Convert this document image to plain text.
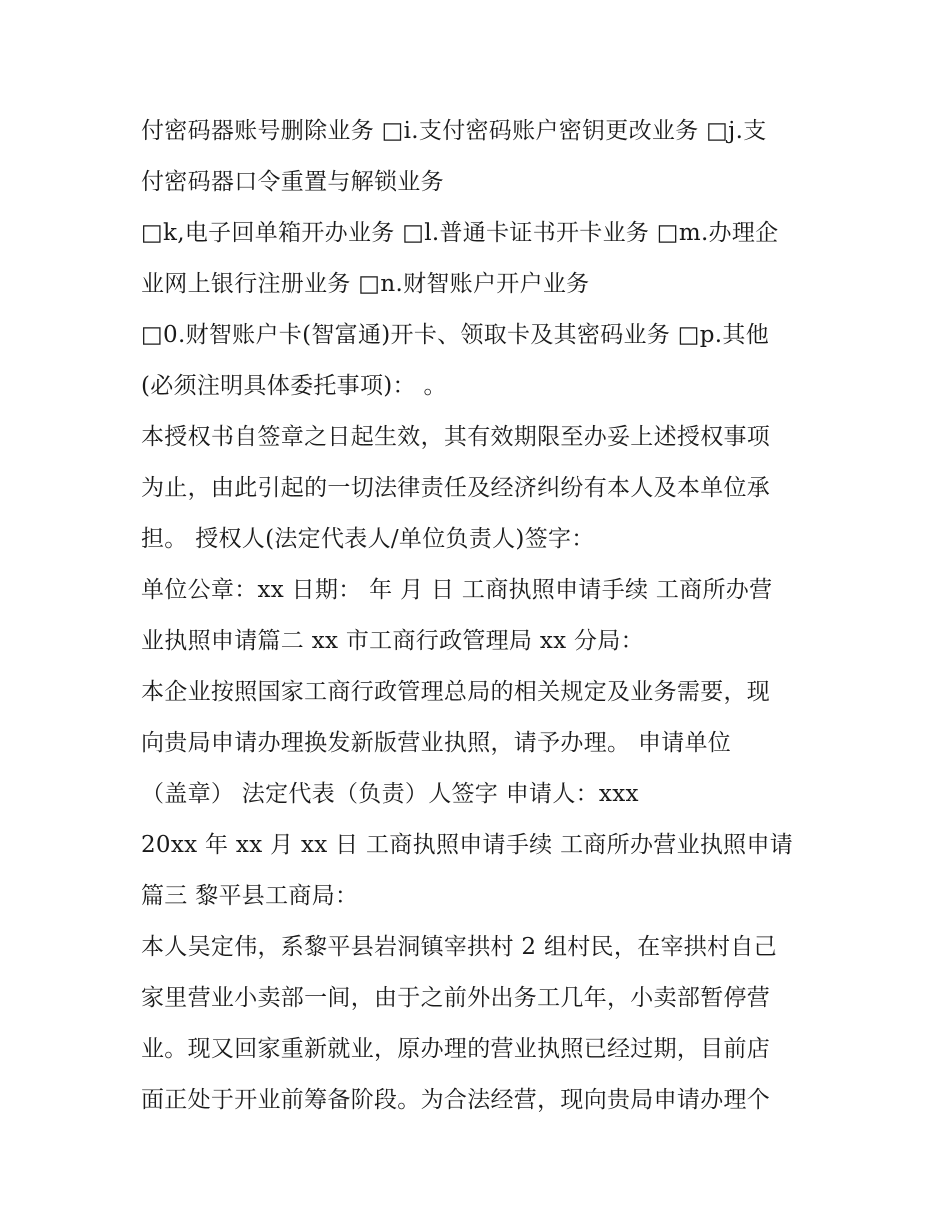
付密码器账号删除业务 □i.支付密码账户密钥更改业务 □j.支
付密码器口令重置与解锁业务
□k,电子回单箱开办业务 □l.普通卡证书开卡业务 □m.办理企
业网上银行注册业务 □n.财智账户开户业务
□0.财智账户卡(智富通)开卡、领取卡及其密码业务 □p.其他
(必须注明具体委托事项)： 。
本授权书自签章之日起生效，其有效期限至办妥上述授权事项
为止，由此引起的一切法律责任及经济纠纷有本人及本单位承
担。 授权人(法定代表人/单位负责人)签字：
单位公章：xx 日期： 年 月 日 工商执照申请手续 工商所办营
业执照申请篇二 xx 市工商行政管理局 xx 分局：
本企业按照国家工商行政管理总局的相关规定及业务需要，现
向贵局申请办理换发新版营业执照，请予办理。 申请单位
（盖章） 法定代表（负责）人签字 申请人：xxx
20xx 年 xx 月 xx 日 工商执照申请手续 工商所办营业执照申请
篇三 黎平县工商局：
本人吴定伟，系黎平县岩洞镇宰拱村 2 组村民，在宰拱村自己
家里营业小卖部一间，由于之前外出务工几年，小卖部暂停营
业。现又回家重新就业，原办理的营业执照已经过期，目前店
面正处于开业前筹备阶段。为合法经营，现向贵局申请办理个
